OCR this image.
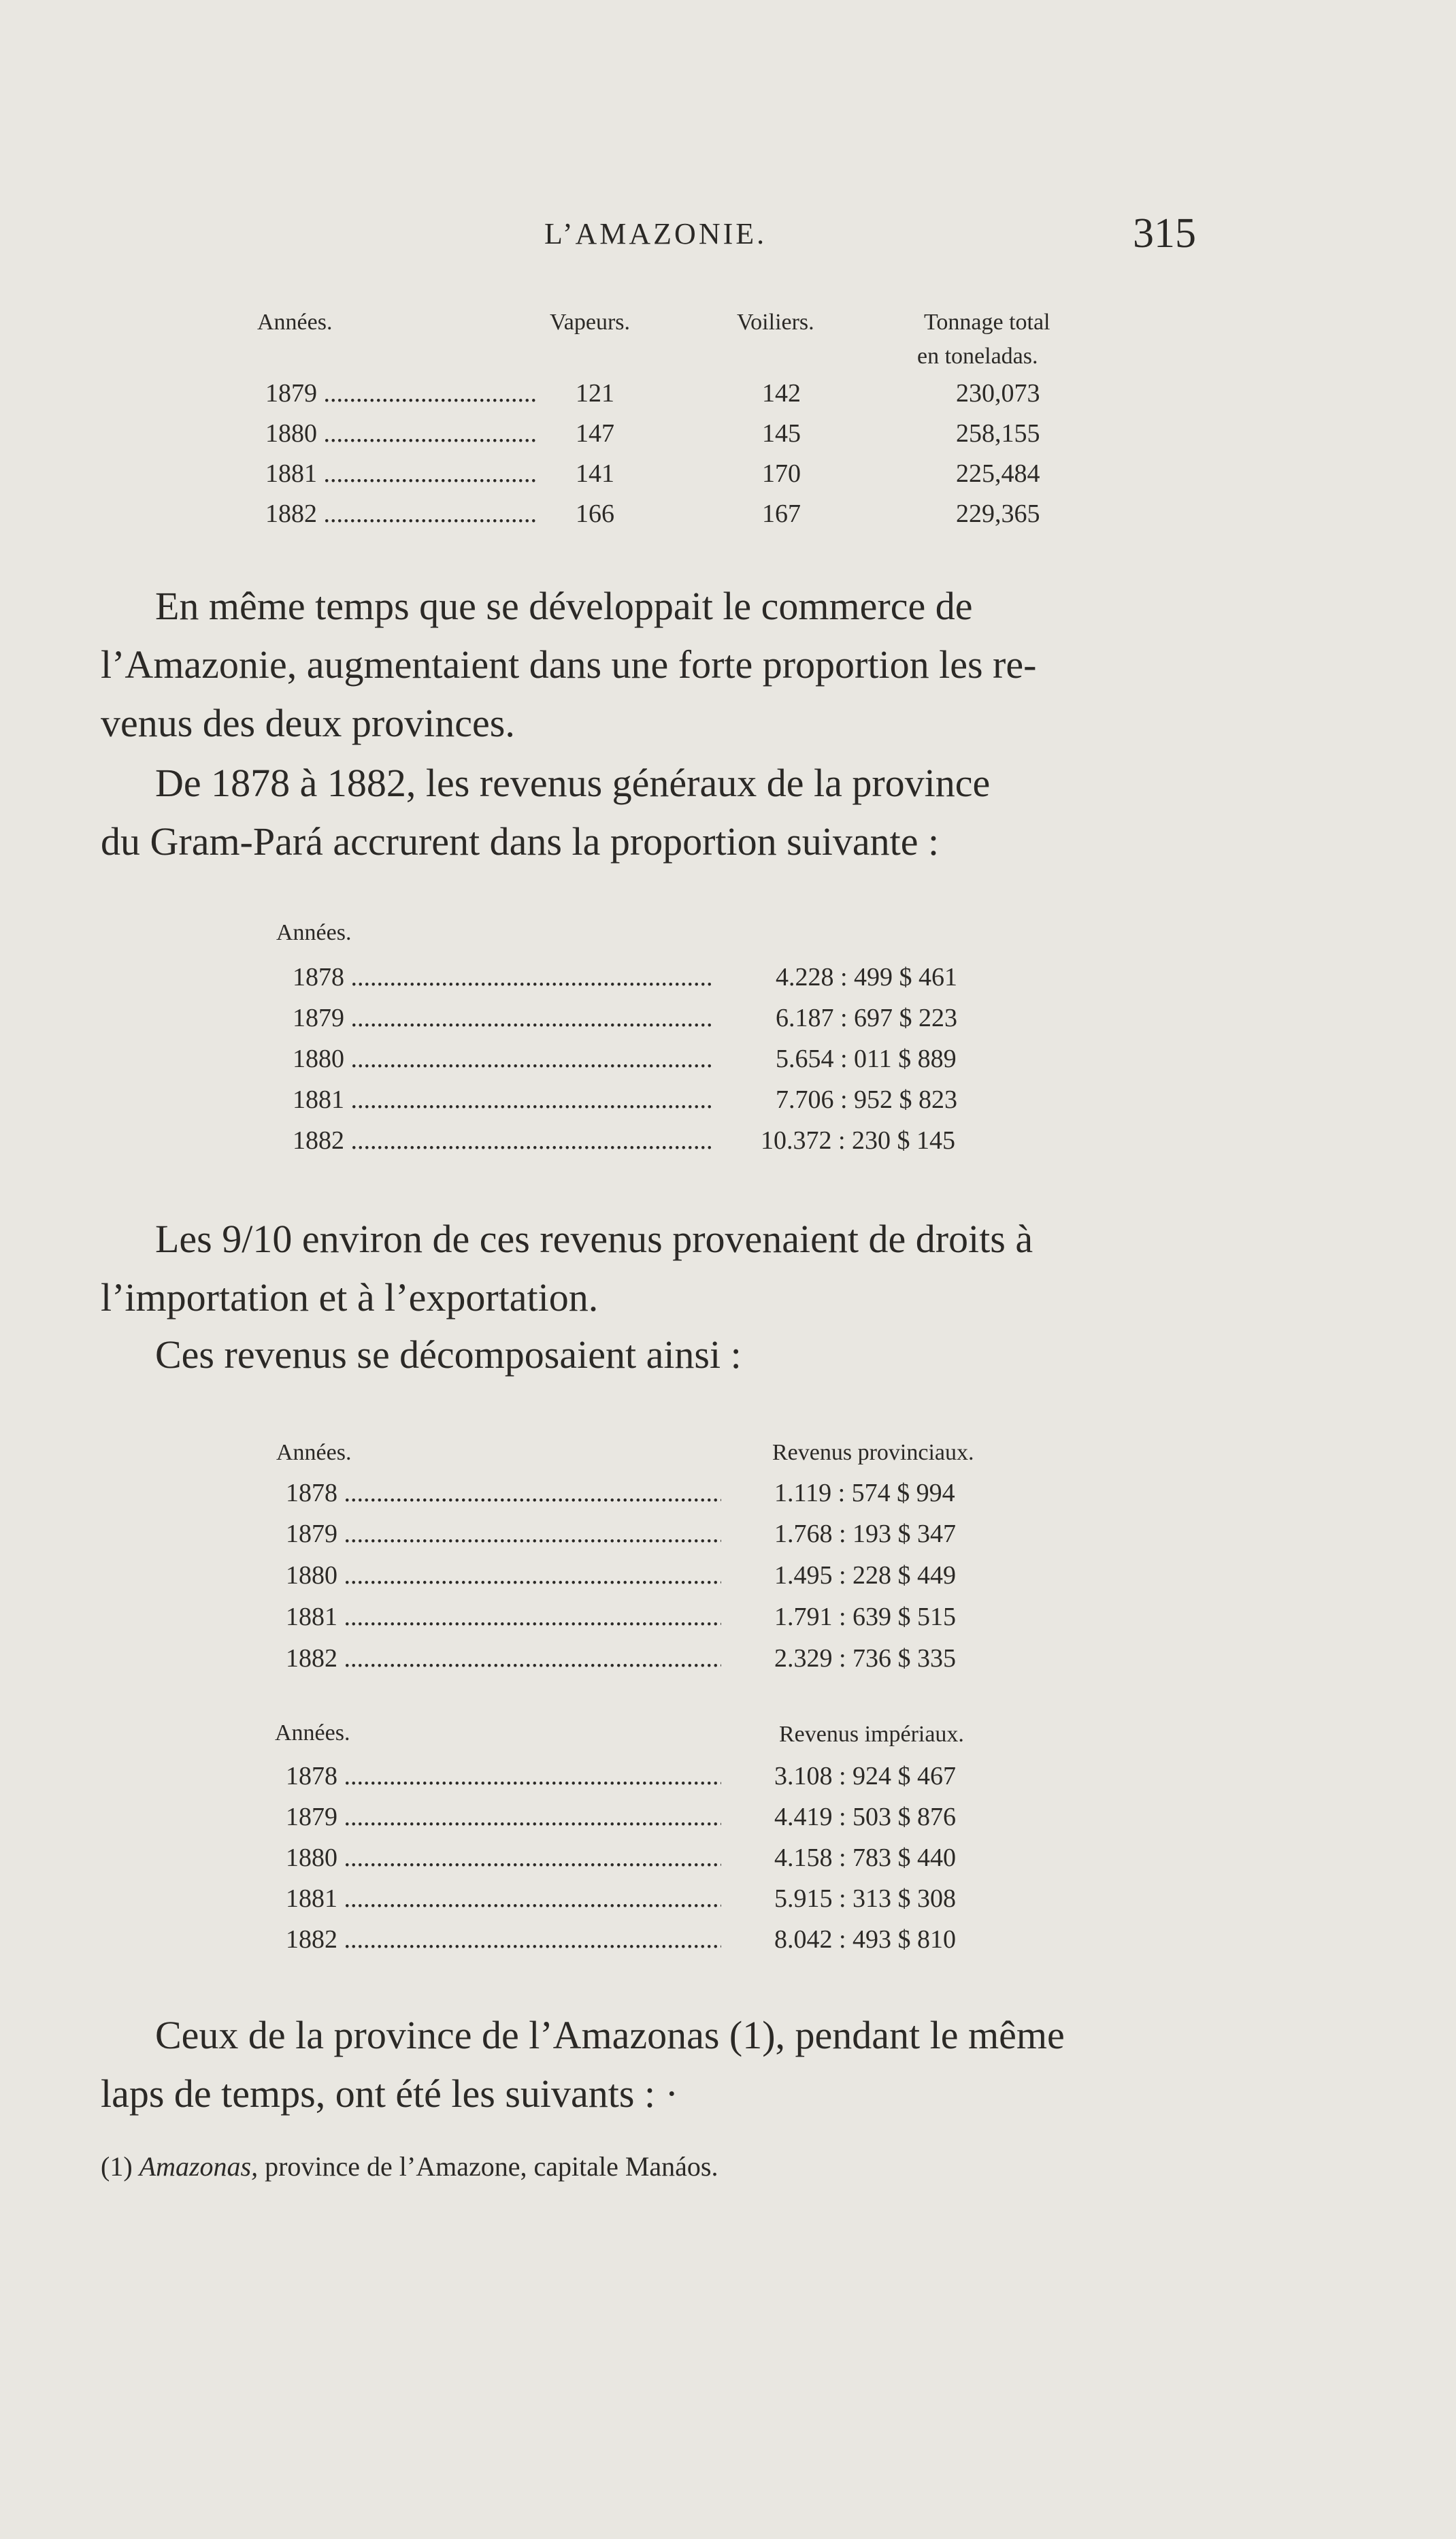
L’AMAZONIE.	315
Années.	Vapeurs.	Voiliers.	Tonnage total
en toneladas.
1879 .....	121	142	230,073
1880 .....	147	145	258,155
1881 .....	141	170	225,484
1882 .....	166	167	229,365
En même temps que se développait le commerce de
l’Amazonie, augmentaient dans une forte proportion les re-
venus des deux provinces.
De 1878 à 1882, les revenus généraux de la province
du Gram-Pará accrurent dans la proportion suivante :
Années.
1878 .....	4.228 : 499 $ 461
1879 .....	6.187 : 697 $ 223
1880 .....	5.654 : 011 $ 889
1881 .....	7.706 : 952 $ 823
1882 .....	10.372 : 230 $ 145
Les 9/10 environ de ces revenus provenaient de droits à
l’importation et à l’exportation.
Ces revenus se décomposaient ainsi :
Années.	Revenus provinciaux.
1878 .....	1.119 : 574 $ 994
1879 .....	1.768 : 193 $ 347
1880 .....	1.495 : 228 $ 449
1881 .....	1.791 : 639 $ 515
1882 .....	2.329 : 736 $ 335
Années.	Revenus impériaux.
1878 .....	3.108 : 924 $ 467
1879 .....	4.419 : 503 $ 876
1880 .....	4.158 : 783 $ 440
1881 .....	5.915 : 313 $ 308
1882 .....	8.042 : 493 $ 810
Ceux de la province de l’Amazonas (1), pendant le même
laps de temps, ont été les suivants : ·
(1) Amazonas, province de l’Amazone, capitale Manáos.
